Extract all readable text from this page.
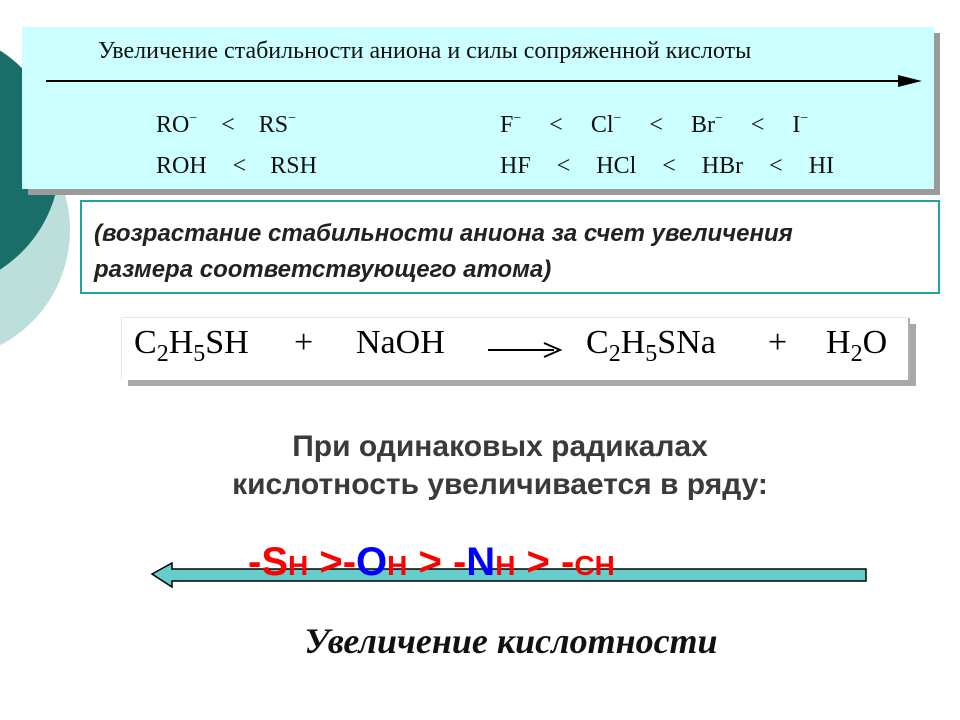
Увеличение стабильности аниона и силы сопряженной кислоты
RO− < RS−
ROH < RSH
F− < Cl− < Br− < I−
HF < HCl < HBr < HI
(возрастание стабильности аниона за счет увеличения
размера соответствующего атома)
$C_2H_5SH$ + NaOH	$C_2H_5SNa + H_2O$
При одинаковых радикалах
кислотность увеличивается в ряду:
-SH >-OH > -NH > -CH
Увеличение кислотности
